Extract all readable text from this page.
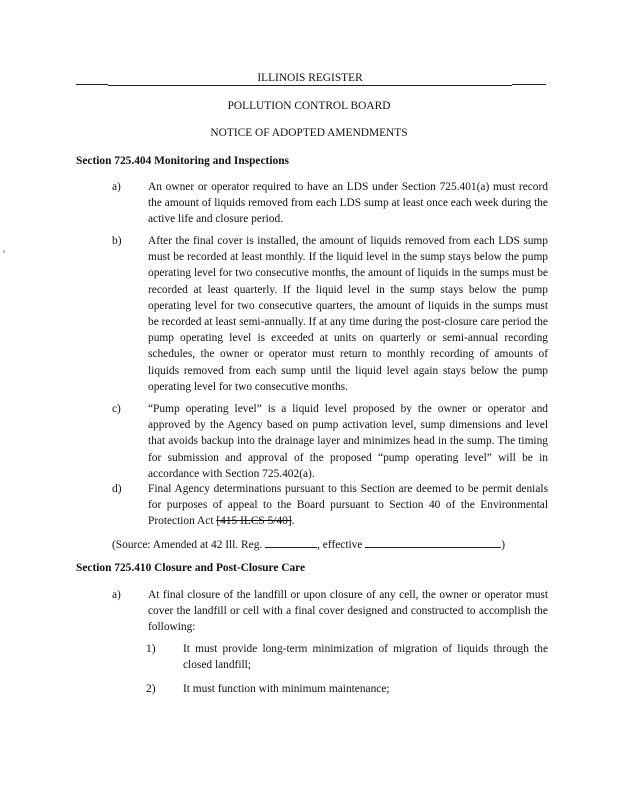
ILLINOIS REGISTER
POLLUTION CONTROL BOARD
NOTICE OF ADOPTED AMENDMENTS
Section 725.404 Monitoring and Inspections
a) An owner or operator required to have an LDS under Section 725.401(a) must record the amount of liquids removed from each LDS sump at least once each week during the active life and closure period.
b) After the final cover is installed, the amount of liquids removed from each LDS sump must be recorded at least monthly. If the liquid level in the sump stays below the pump operating level for two consecutive months, the amount of liquids in the sumps must be recorded at least quarterly. If the liquid level in the sump stays below the pump operating level for two consecutive quarters, the amount of liquids in the sumps must be recorded at least semi-annually. If at any time during the post-closure care period the pump operating level is exceeded at units on quarterly or semi-annual recording schedules, the owner or operator must return to monthly recording of amounts of liquids removed from each sump until the liquid level again stays below the pump operating level for two consecutive months.
c) “Pump operating level” is a liquid level proposed by the owner or operator and approved by the Agency based on pump activation level, sump dimensions and level that avoids backup into the drainage layer and minimizes head in the sump. The timing for submission and approval of the proposed “pump operating level” will be in accordance with Section 725.402(a).
d) Final Agency determinations pursuant to this Section are deemed to be permit denials for purposes of appeal to the Board pursuant to Section 40 of the Environmental Protection Act [415 ILCS 5/40].
(Source: Amended at 42 Ill. Reg.	, effective	)
Section 725.410 Closure and Post-Closure Care
a) At final closure of the landfill or upon closure of any cell, the owner or operator must cover the landfill or cell with a final cover designed and constructed to accomplish the following:
1) It must provide long-term minimization of migration of liquids through the closed landfill;
2) It must function with minimum maintenance;
